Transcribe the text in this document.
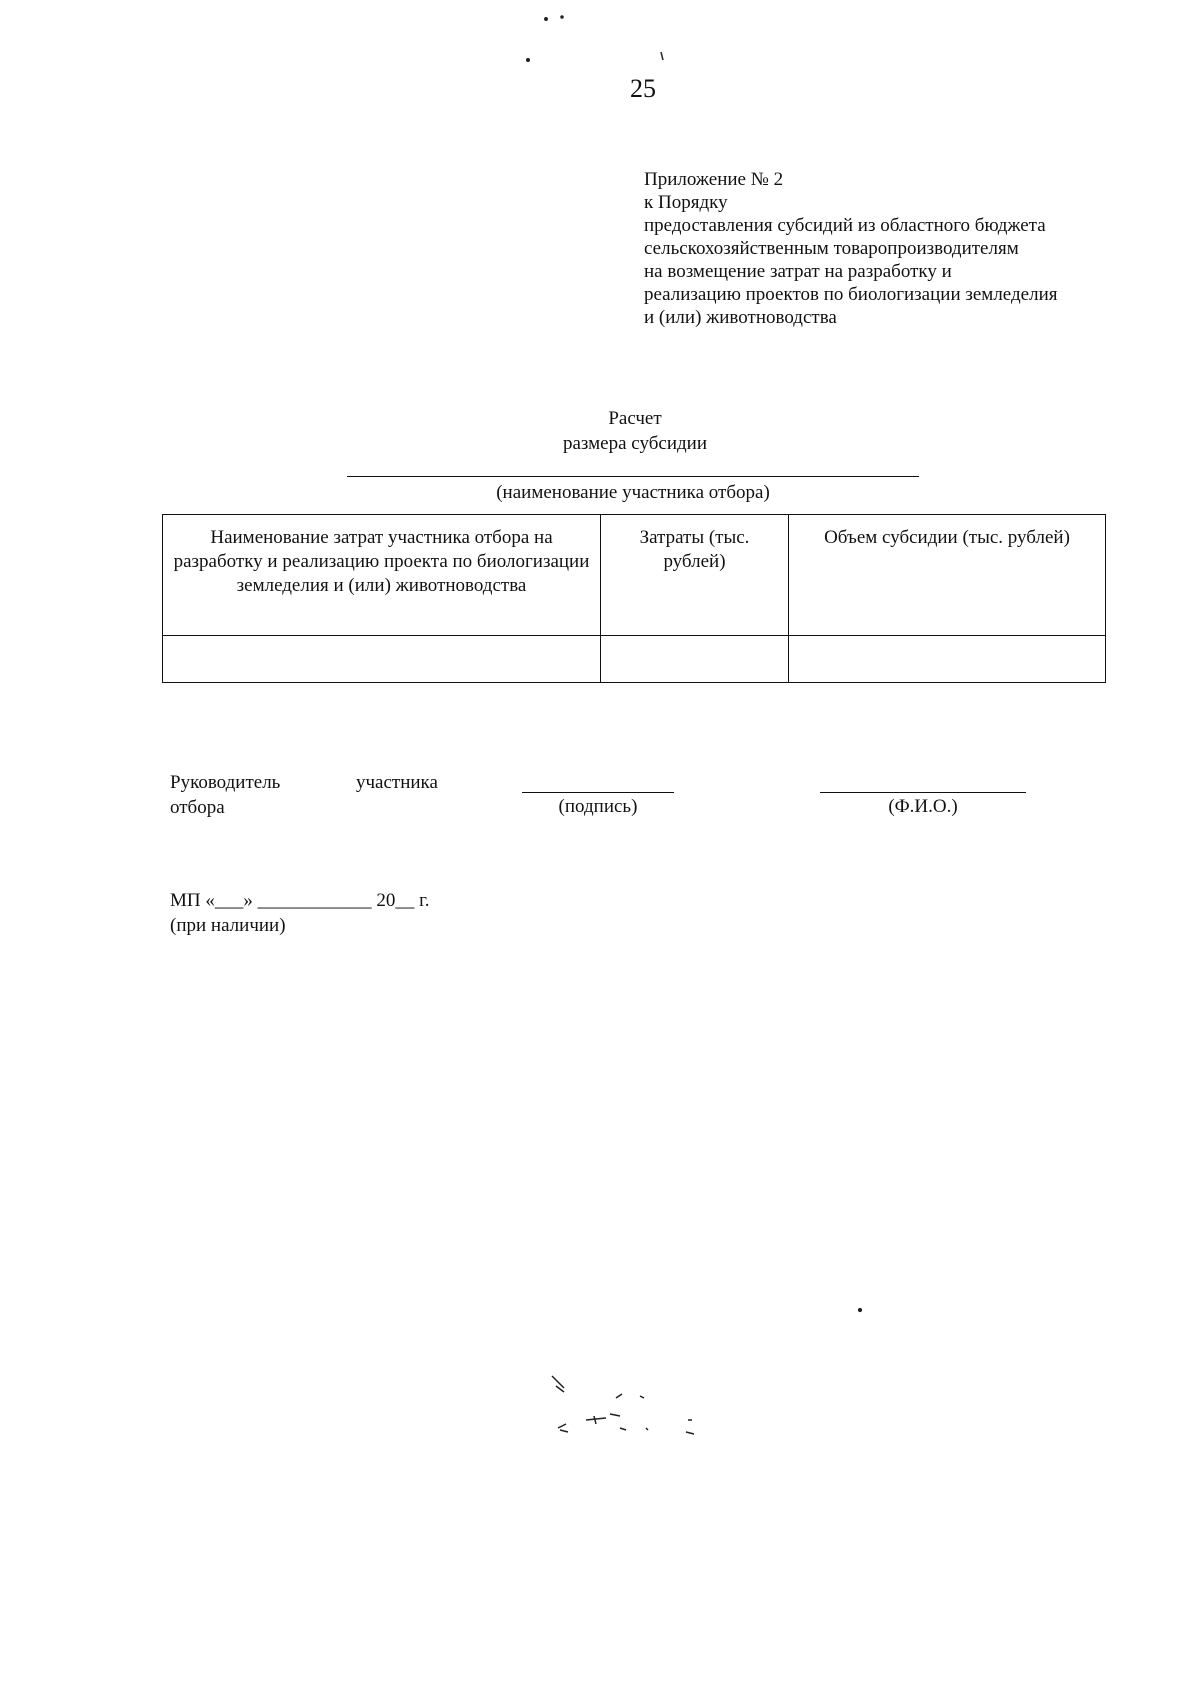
25
Приложение № 2
к Порядку
предоставления субсидий из областного бюджета
сельскохозяйственным товаропроизводителям
на возмещение затрат на разработку и
реализацию проектов по биологизации земледелия
и (или) животноводства
Расчет
размера субсидии
(наименование участника отбора)
Наименование затрат участника отбора на разработку и реализацию проекта по биологизации земледелия и (или) животноводства	Затраты (тыс. рублей)	Объем субсидии (тыс. рублей)

Руководитель	участника
отбора	(подпись)	(Ф.И.О.)
МП «___» ____________ 20__ г.
(при наличии)
